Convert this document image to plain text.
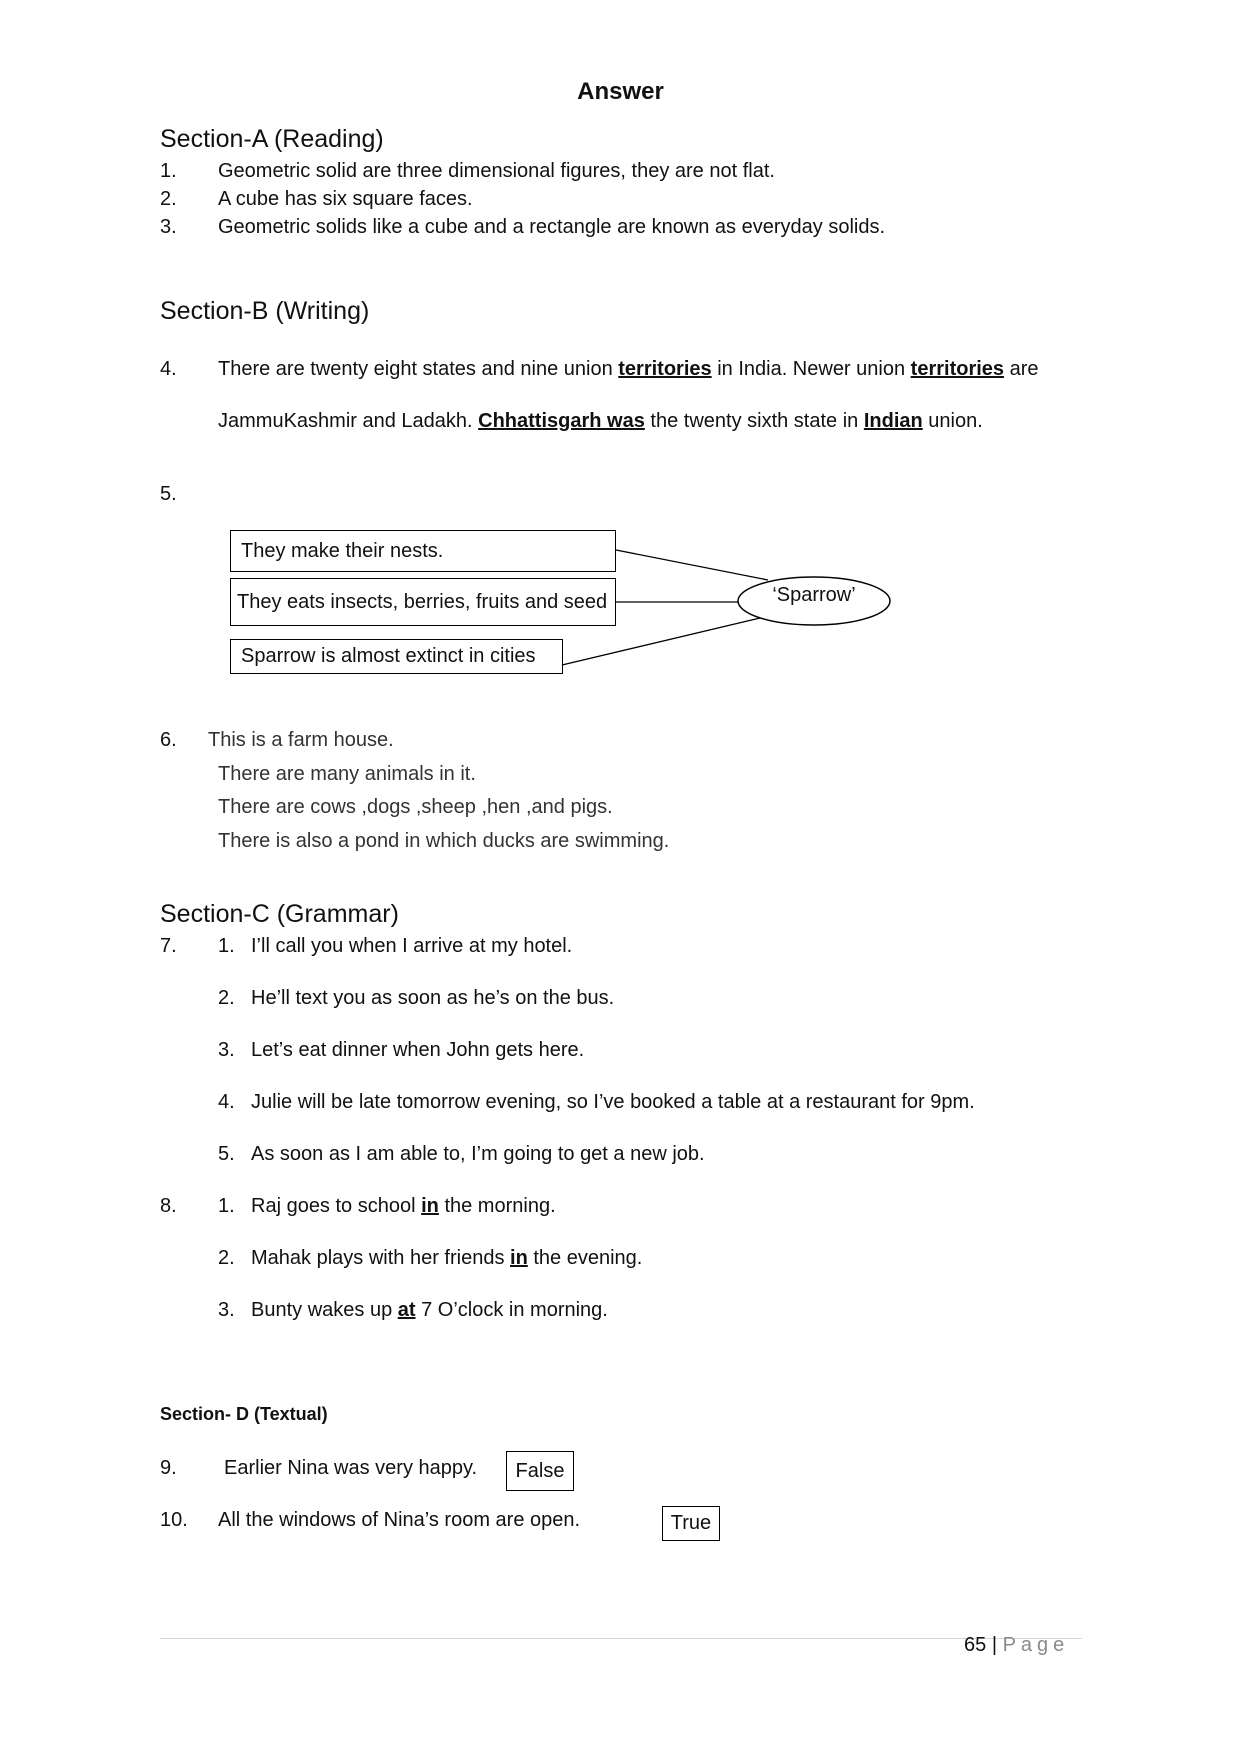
Answer
Section-A (Reading)
1. Geometric solid are three dimensional figures, they are not flat.
2. A cube has six square faces.
3. Geometric solids like a cube and a rectangle are known as everyday solids.
Section-B (Writing)
4. There are twenty eight states and nine union territories in India. Newer union territories are
JammuKashmir and Ladakh. Chhattisgarh was the twenty sixth state in Indian union.
5.
They make their nests.
They eats insects, berries, fruits and seed
Sparrow is almost extinct in cities
‘Sparrow’
6. This is a farm house.
There are many animals in it.
There are cows ,dogs ,sheep ,hen ,and pigs.
There is also a pond in which ducks are swimming.
Section-C (Grammar)
7. 1. I’ll call you when I arrive at my hotel.
2. He’ll text you as soon as he’s on the bus.
3. Let’s eat dinner when John gets here.
4. Julie will be late tomorrow evening, so I’ve booked a table at a restaurant for 9pm.
5. As soon as I am able to, I’m going to get a new job.
8. 1. Raj goes to school in the morning.
2. Mahak plays with her friends in the evening.
3. Bunty wakes up at 7 O’clock in morning.
Section- D (Textual)
9. Earlier Nina was very happy.	False
10. All the windows of Nina’s room are open.	True
65 | Page
